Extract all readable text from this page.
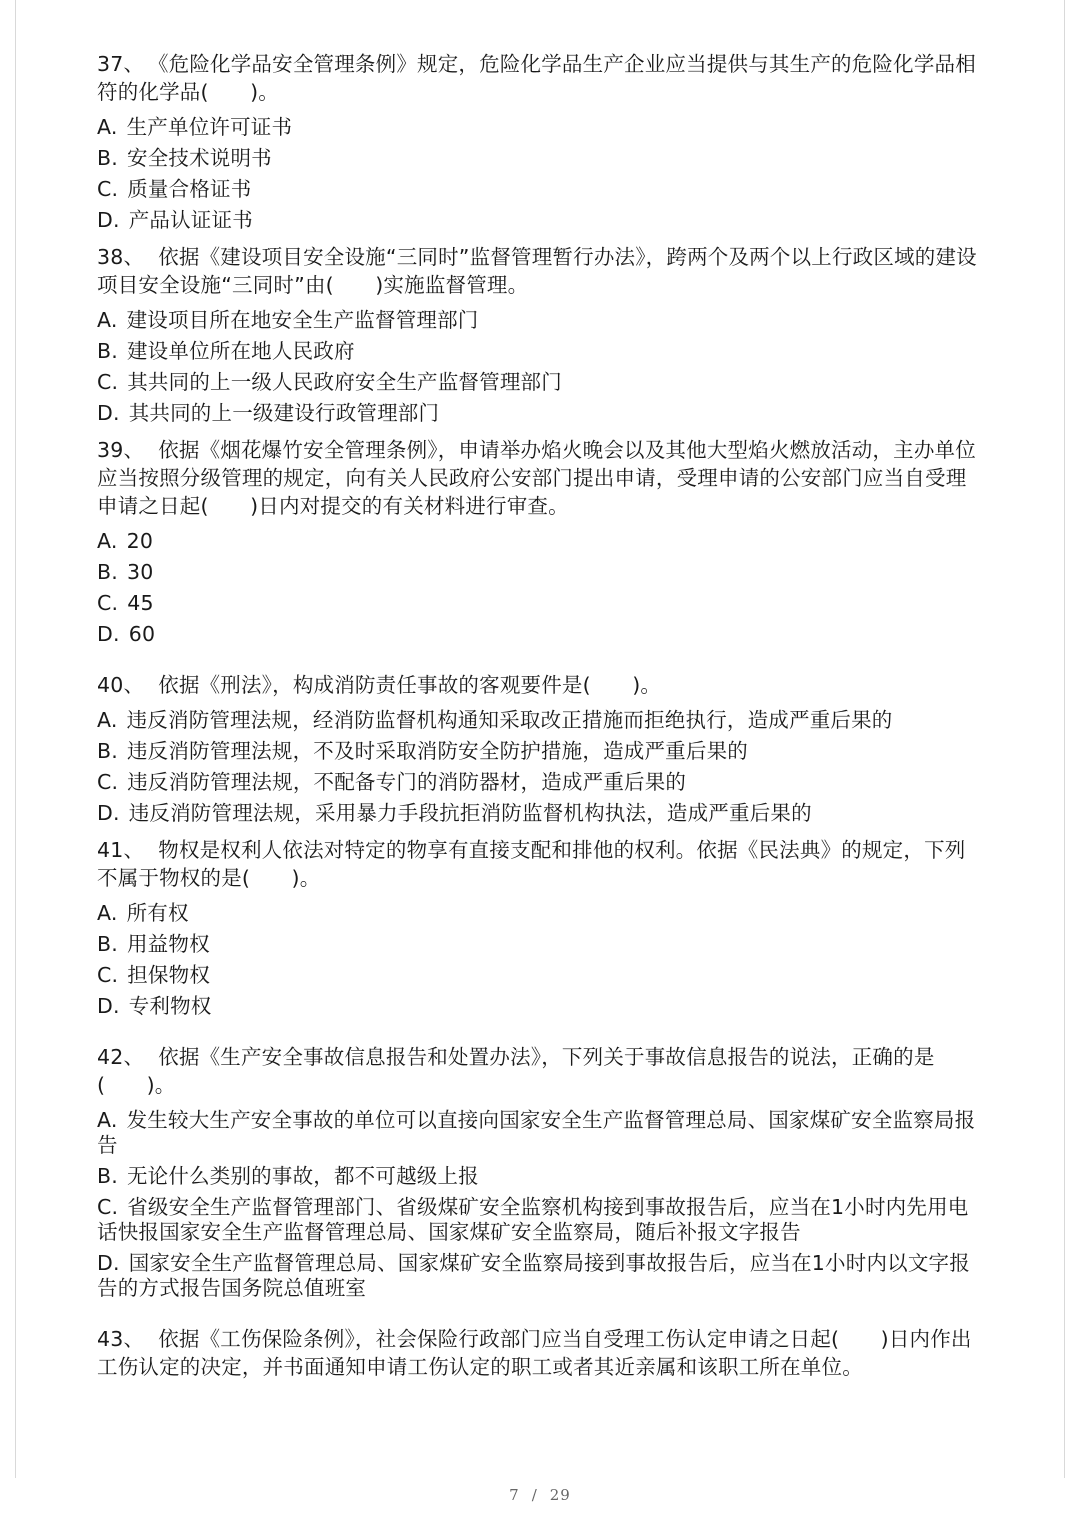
37、 《危险化学品安全管理条例》规定，危险化学品生产企业应当提供与其生产的危险化学品相符的化学品(　　)。

A. 生产单位许可证书
B. 安全技术说明书
C. 质量合格证书
D. 产品认证证书

38、 依据《建设项目安全设施“三同时”监督管理暂行办法》，跨两个及两个以上行政区域的建设项目安全设施“三同时”由(　　)实施监督管理。

A. 建设项目所在地安全生产监督管理部门
B. 建设单位所在地人民政府
C. 其共同的上一级人民政府安全生产监督管理部门
D. 其共同的上一级建设行政管理部门

39、 依据《烟花爆竹安全管理条例》，申请举办焰火晚会以及其他大型焰火燃放活动，主办单位应当按照分级管理的规定，向有关人民政府公安部门提出申请，受理申请的公安部门应当自受理申请之日起(　　)日内对提交的有关材料进行审查。

A. 20
B. 30
C. 45
D. 60

40、 依据《刑法》，构成消防责任事故的客观要件是(　　)。

A. 违反消防管理法规，经消防监督机构通知采取改正措施而拒绝执行，造成严重后果的
B. 违反消防管理法规，不及时采取消防安全防护措施，造成严重后果的
C. 违反消防管理法规，不配备专门的消防器材，造成严重后果的
D. 违反消防管理法规，采用暴力手段抗拒消防监督机构执法，造成严重后果的

41、 物权是权利人依法对特定的物享有直接支配和排他的权利。依据《民法典》的规定，下列不属于物权的是(　　)。

A. 所有权
B. 用益物权
C. 担保物权
D. 专利物权

42、 依据《生产安全事故信息报告和处置办法》，下列关于事故信息报告的说法，正确的是(　　)。

A. 发生较大生产安全事故的单位可以直接向国家安全生产监督管理总局、国家煤矿安全监察局报告
B. 无论什么类别的事故，都不可越级上报
C. 省级安全生产监督管理部门、省级煤矿安全监察机构接到事故报告后，应当在1小时内先用电话快报国家安全生产监督管理总局、国家煤矿安全监察局，随后补报文字报告
D. 国家安全生产监督管理总局、国家煤矿安全监察局接到事故报告后，应当在1小时内以文字报告的方式报告国务院总值班室

43、 依据《工伤保险条例》，社会保险行政部门应当自受理工伤认定申请之日起(　　)日内作出工伤认定的决定，并书面通知申请工伤认定的职工或者其近亲属和该职工所在单位。

7 / 29
